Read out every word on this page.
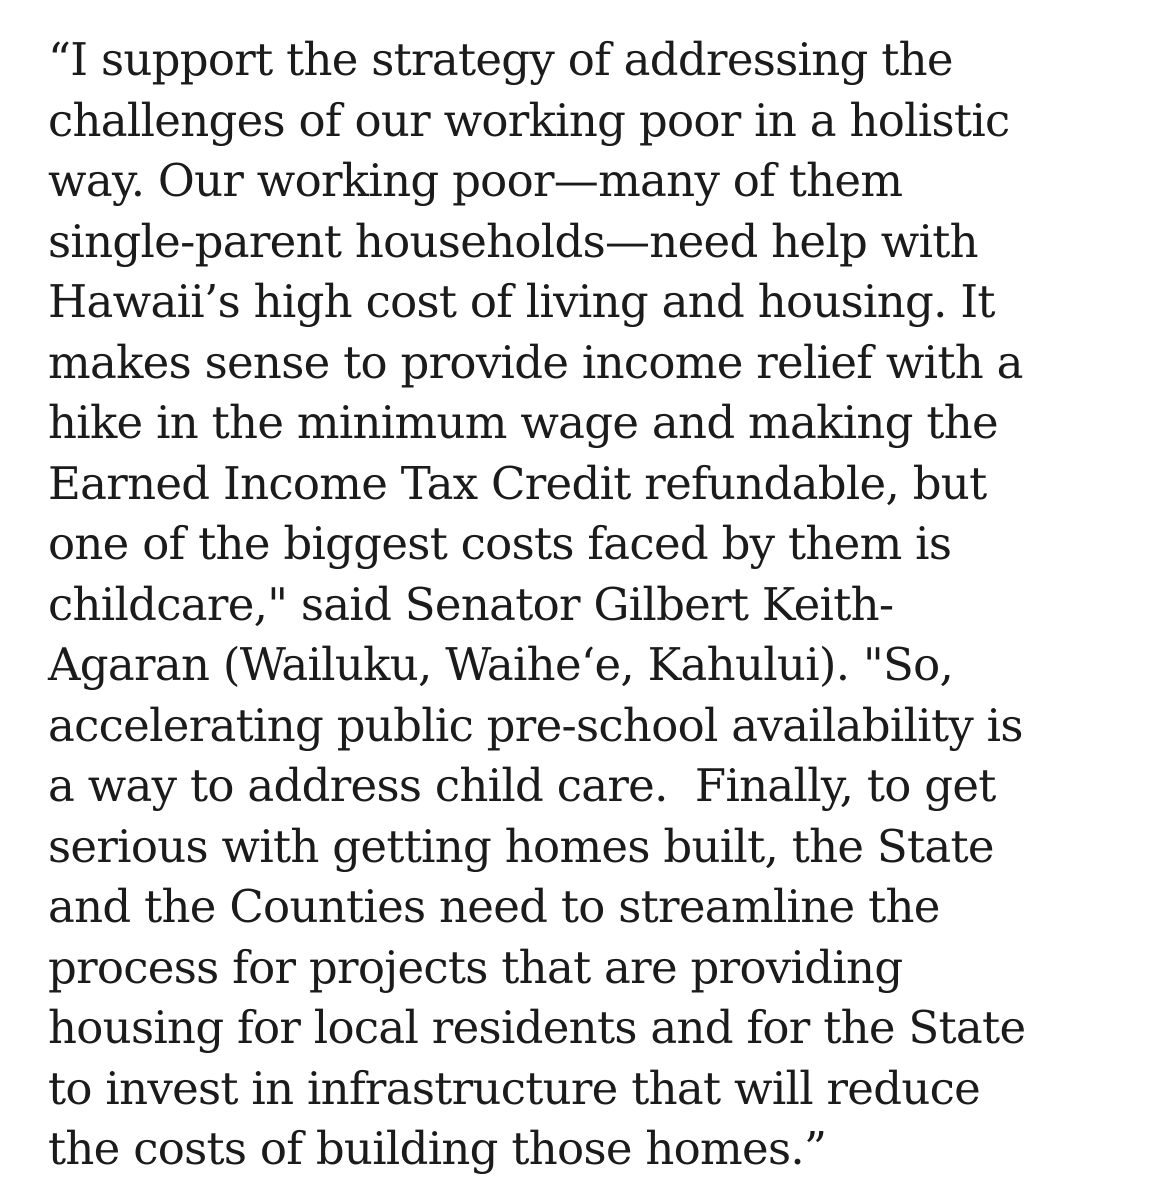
“I support the strategy of addressing the
challenges of our working poor in a holistic
way. Our working poor—many of them
single-parent households—need help with
Hawaii’s high cost of living and housing. It
makes sense to provide income relief with a
hike in the minimum wage and making the
Earned Income Tax Credit refundable, but
one of the biggest costs faced by them is
childcare," said Senator Gilbert Keith-
Agaran (Wailuku, Waihe‘e, Kahului). "So,
accelerating public pre-school availability is
a way to address child care.  Finally, to get
serious with getting homes built, the State
and the Counties need to streamline the
process for projects that are providing
housing for local residents and for the State
to invest in infrastructure that will reduce
the costs of building those homes.”
